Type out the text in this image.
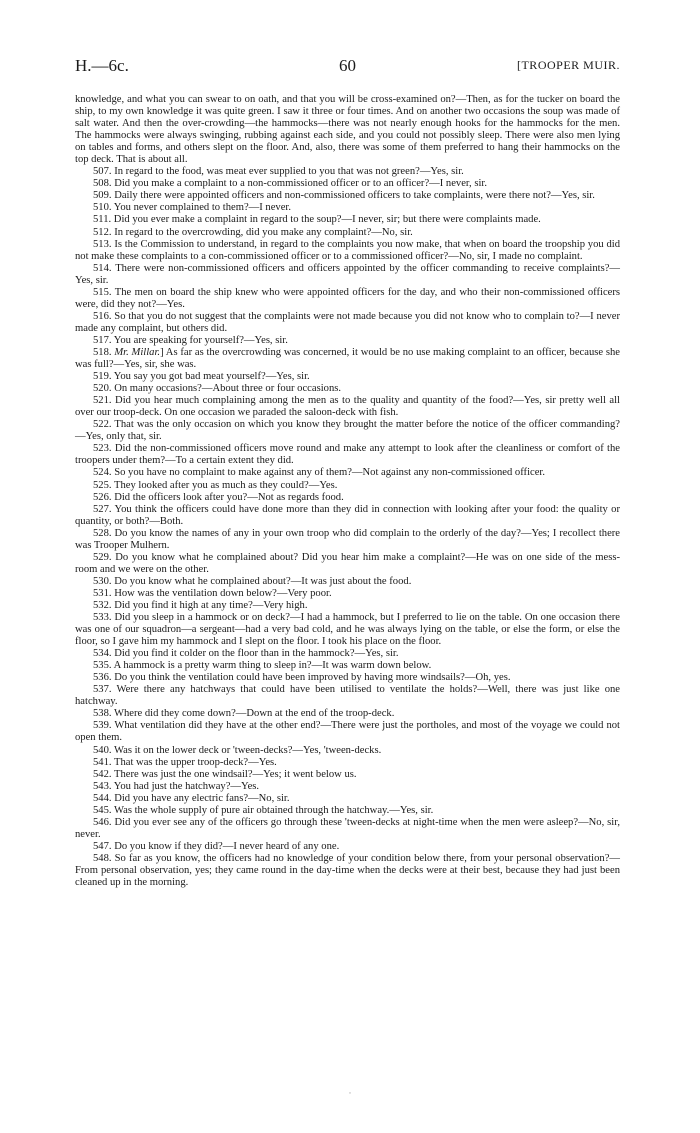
H.—6c.	60	[TROOPER MUIR.

knowledge, and what you can swear to on oath, and that you will be cross-examined on?—Then, as for the tucker on board the ship, to my own knowledge it was quite green. I saw it three or four times. And on another two occasions the soup was made of salt water. And then the over-crowding—the hammocks—there was not nearly enough hooks for the hammocks for the men. The hammocks were always swinging, rubbing against each side, and you could not possibly sleep. There were also men lying on tables and forms, and others slept on the floor. And, also, there was some of them preferred to hang their hammocks on the top deck. That is about all.

507. In regard to the food, was meat ever supplied to you that was not green?—Yes, sir.

508. Did you make a complaint to a non-commissioned officer or to an officer?—I never, sir.

509. Daily there were appointed officers and non-commissioned officers to take complaints, were there not?—Yes, sir.

510. You never complained to them?—I never.

511. Did you ever make a complaint in regard to the soup?—I never, sir; but there were complaints made.

512. In regard to the overcrowding, did you make any complaint?—No, sir.

513. Is the Commission to understand, in regard to the complaints you now make, that when on board the troopship you did not make these complaints to a con-commissioned officer or to a commissioned officer?—No, sir, I made no complaint.

514. There were non-commissioned officers and officers appointed by the officer commanding to receive complaints?—Yes, sir.

515. The men on board the ship knew who were appointed officers for the day, and who their non-commissioned officers were, did they not?—Yes.

516. So that you do not suggest that the complaints were not made because you did not know who to complain to?—I never made any complaint, but others did.

517. You are speaking for yourself?—Yes, sir.

518. Mr. Millar.] As far as the overcrowding was concerned, it would be no use making complaint to an officer, because she was full?—Yes, sir, she was.

519. You say you got bad meat yourself?—Yes, sir.

520. On many occasions?—About three or four occasions.

521. Did you hear much complaining among the men as to the quality and quantity of the food?—Yes, sir pretty well all over our troop-deck. On one occasion we paraded the saloon-deck with fish.

522. That was the only occasion on which you know they brought the matter before the notice of the officer commanding?—Yes, only that, sir.

523. Did the non-commissioned officers move round and make any attempt to look after the cleanliness or comfort of the troopers under them?—To a certain extent they did.

524. So you have no complaint to make against any of them?—Not against any non-commissioned officer.

525. They looked after you as much as they could?—Yes.

526. Did the officers look after you?—Not as regards food.

527. You think the officers could have done more than they did in connection with looking after your food: the quality or quantity, or both?—Both.

528. Do you know the names of any in your own troop who did complain to the orderly of the day?—Yes; I recollect there was Trooper Mulhern.

529. Do you know what he complained about? Did you hear him make a complaint?—He was on one side of the mess-room and we were on the other.

530. Do you know what he complained about?—It was just about the food.

531. How was the ventilation down below?—Very poor.

532. Did you find it high at any time?—Very high.

533. Did you sleep in a hammock or on deck?—I had a hammock, but I preferred to lie on the table. On one occasion there was one of our squadron—a sergeant—had a very bad cold, and he was always lying on the table, or else the form, or else the floor, so I gave him my hammock and I slept on the floor. I took his place on the floor.

534. Did you find it colder on the floor than in the hammock?—Yes, sir.

535. A hammock is a pretty warm thing to sleep in?—It was warm down below.

536. Do you think the ventilation could have been improved by having more windsails?—Oh, yes.

537. Were there any hatchways that could have been utilised to ventilate the holds?—Well, there was just like one hatchway.

538. Where did they come down?—Down at the end of the troop-deck.

539. What ventilation did they have at the other end?—There were just the portholes, and most of the voyage we could not open them.

540. Was it on the lower deck or 'tween-decks?—Yes, 'tween-decks.

541. That was the upper troop-deck?—Yes.

542. There was just the one windsail?—Yes; it went below us.

543. You had just the hatchway?—Yes.

544. Did you have any electric fans?—No, sir.

545. Was the whole supply of pure air obtained through the hatchway.—Yes, sir.

546. Did you ever see any of the officers go through these 'tween-decks at night-time when the men were asleep?—No, sir, never.

547. Do you know if they did?—I never heard of any one.

548. So far as you know, the officers had no knowledge of your condition below there, from your personal observation?—From personal observation, yes; they came round in the day-time when the decks were at their best, because they had just been cleaned up in the morning.

·
